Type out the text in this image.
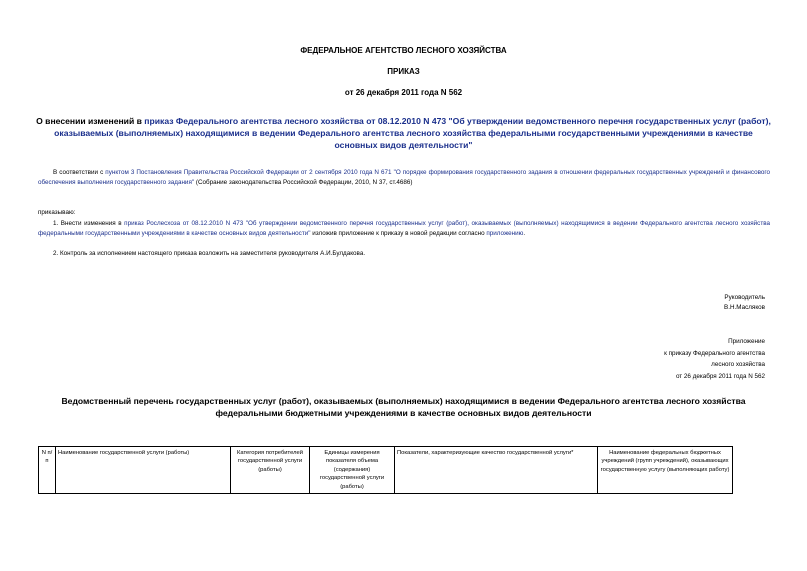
ФЕДЕРАЛЬНОЕ АГЕНТСТВО ЛЕСНОГО ХОЗЯЙСТВА
ПРИКАЗ
от 26 декабря 2011 года N 562
О внесении изменений в приказ Федерального агентства лесного хозяйства от 08.12.2010 N 473 "Об утверждении ведомственного перечня государственных услуг (работ), оказываемых (выполняемых) находящимися в ведении Федерального агентства лесного хозяйства федеральными государственными учреждениями в качестве основных видов деятельности"
В соответствии с пунктом 3 Постановления Правительства Российской Федерации от 2 сентября 2010 года N 671 "О порядке формирования государственного задания в отношении федеральных государственных учреждений и финансового обеспечения выполнения государственного задания" (Собрание законодательства Российской Федерации, 2010, N 37, ст.4686)
приказываю:
1. Внести изменения в приказ Рослесхоза от 08.12.2010 N 473 "Об утверждении ведомственного перечня государственных услуг (работ), оказываемых (выполняемых) находящимися в ведении Федерального агентства лесного хозяйства федеральными государственными учреждениями в качестве основных видов деятельности" изложив приложение к приказу в новой редакции согласно приложению.
2. Контроль за исполнением настоящего приказа возложить на заместителя руководителя А.И.Булдакова.
Руководитель
В.Н.Масляков
Приложение
к приказу Федерального агентства
лесного хозяйства
от 26 декабря 2011 года N 562
Ведомственный перечень государственных услуг (работ), оказываемых (выполняемых) находящимися в ведении Федерального агентства лесного хозяйства федеральными бюджетными учреждениями в качестве основных видов деятельности
N п/п	Наименование государственной услуги (работы)	Категория потребителей государственной услуги (работы)	Единицы измерения показателя объема (содержания) государственной услуги (работы)	Показатели, характеризующие качество государственной услуги*	Наименование федеральных бюджетных учреждений (групп учреждений), оказывающих государственную услугу (выполняющих работу)
